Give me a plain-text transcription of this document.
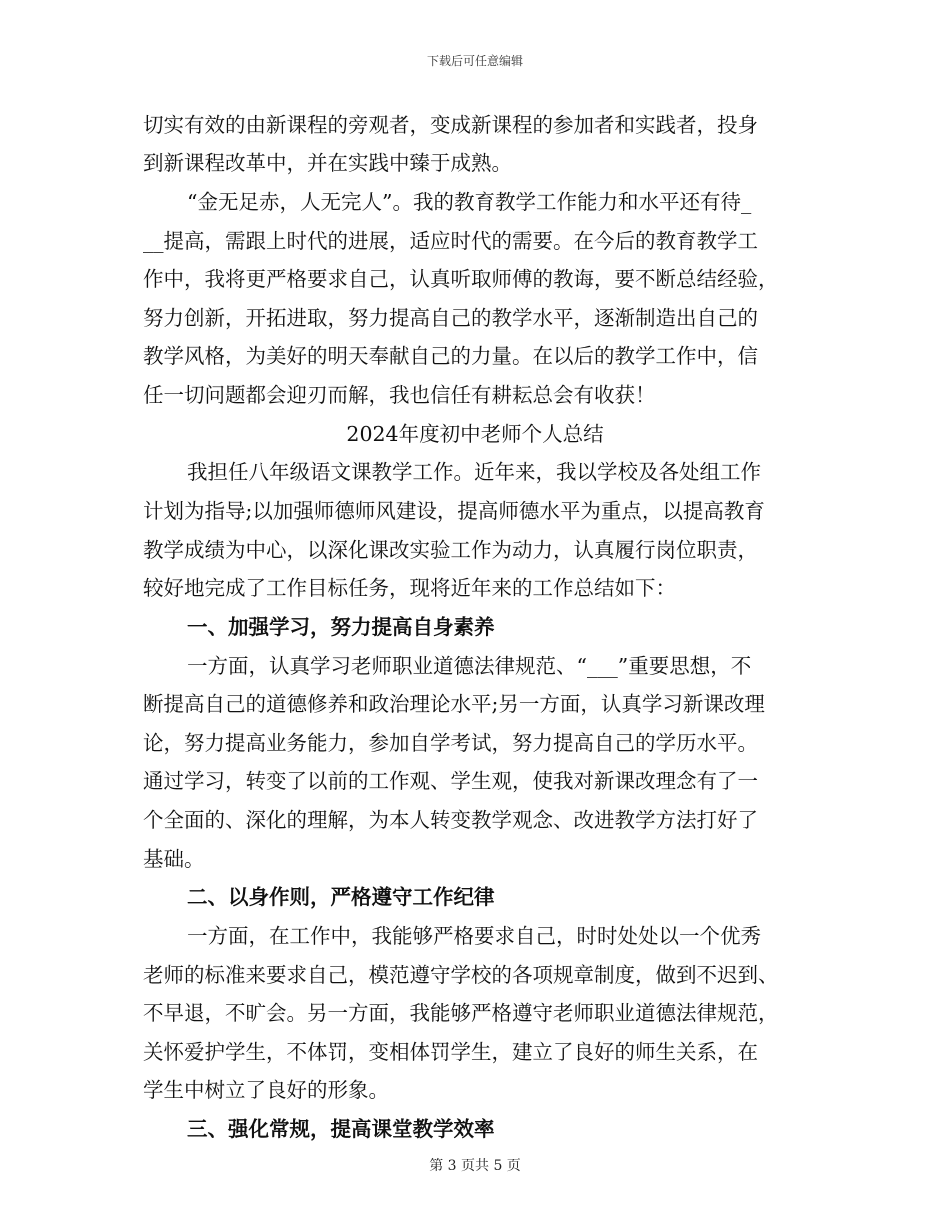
下载后可任意编辑
切实有效的由新课程的旁观者，变成新课程的参加者和实践者，投身
到新课程改革中，并在实践中臻于成熟。
“金无足赤，人无完人”。我的教育教学工作能力和水平还有待_
__提高，需跟上时代的进展，适应时代的需要。在今后的教育教学工
作中，我将更严格要求自己，认真听取师傅的教诲，要不断总结经验，
努力创新，开拓进取，努力提高自己的教学水平，逐渐制造出自己的
教学风格，为美好的明天奉献自己的力量。在以后的教学工作中，信
任一切问题都会迎刃而解，我也信任有耕耘总会有收获！
2024年度初中老师个人总结
我担任八年级语文课教学工作。近年来，我以学校及各处组工作
计划为指导;以加强师德师风建设，提高师德水平为重点，以提高教育
教学成绩为中心，以深化课改实验工作为动力，认真履行岗位职责，
较好地完成了工作目标任务，现将近年来的工作总结如下：
一、加强学习，努力提高自身素养
一方面，认真学习老师职业道德法律规范、“___”重要思想，不
断提高自己的道德修养和政治理论水平;另一方面，认真学习新课改理
论，努力提高业务能力，参加自学考试，努力提高自己的学历水平。
通过学习，转变了以前的工作观、学生观，使我对新课改理念有了一
个全面的、深化的理解，为本人转变教学观念、改进教学方法打好了
基础。
二、以身作则，严格遵守工作纪律
一方面，在工作中，我能够严格要求自己，时时处处以一个优秀
老师的标准来要求自己，模范遵守学校的各项规章制度，做到不迟到、
不早退，不旷会。另一方面，我能够严格遵守老师职业道德法律规范，
关怀爱护学生，不体罚，变相体罚学生，建立了良好的师生关系，在
学生中树立了良好的形象。
三、强化常规，提高课堂教学效率
第 3 页共 5 页
